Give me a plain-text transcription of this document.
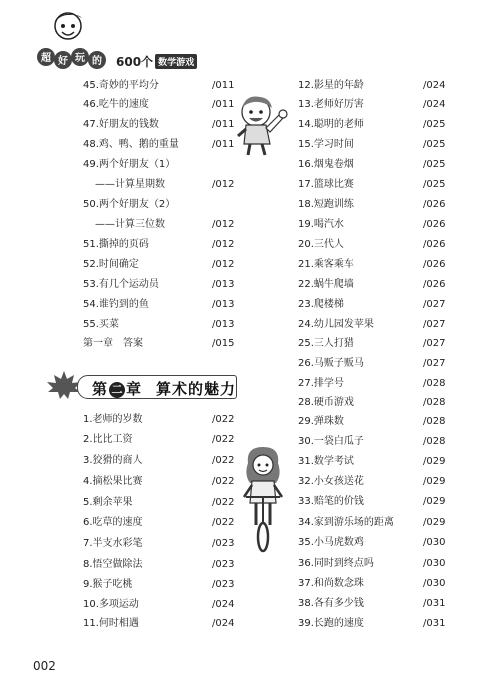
超 好 玩 的 600个 数学游戏
45.奇妙的平均分	/011
46.吃牛的速度	/011
47.好朋友的钱数	/011
48.鸡、鸭、鹅的重量	/011
49.两个好朋友（1）
——计算星期数	/012
50.两个好朋友（2）
——计算三位数	/012
51.撕掉的页码	/012
52.时间确定	/012
53.有几个运动员	/013
54.谁钓到的鱼	/013
55.买菜	/013
第一章　答案	/015
第 二 章 算术的魅力
1.老师的岁数	/022
2.比比工资	/022
3.狡猾的商人	/022
4.摘松果比赛	/022
5.剩余苹果	/022
6.吃草的速度	/022
7.半支水彩笔	/023
8.悟空做除法	/023
9.猴子吃桃	/023
10.多项运动	/024
11.何时相遇	/024
12.影星的年龄	/024
13.老师好厉害	/024
14.聪明的老师	/025
15.学习时间	/025
16.烟鬼卷烟	/025
17.篮球比赛	/025
18.短跑训练	/026
19.喝汽水	/026
20.三代人	/026
21.乘客乘车	/026
22.蜗牛爬墙	/026
23.爬楼梯	/027
24.幼儿园发苹果	/027
25.三人打猎	/027
26.马贩子贩马	/027
27.排学号	/028
28.硬币游戏	/028
29.弹珠数	/028
30.一袋白瓜子	/028
31.数学考试	/029
32.小女孩送花	/029
33.赔笔的价钱	/029
34.家到游乐场的距离	/029
35.小马虎数鸡	/030
36.同时到终点吗	/030
37.和尚数念珠	/030
38.各有多少钱	/031
39.长跑的速度	/031
002
